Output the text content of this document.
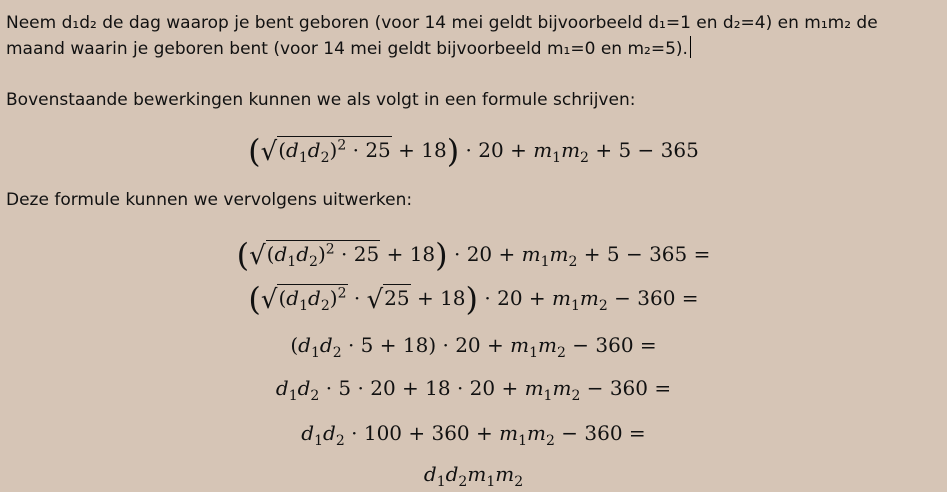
Neem d₁d₂ de dag waarop je bent geboren (voor 14 mei geldt bijvoorbeeld d₁=1 en d₂=4) en m₁m₂ de maand waarin je geboren bent (voor 14 mei geldt bijvoorbeeld m₁=0 en m₂=5).
Bovenstaande bewerkingen kunnen we als volgt in een formule schrijven:
$(√(d_1d_2)^2 \cdot 25 + 18) \cdot 20 + m_1m_2 + 5 - 365$
Deze formule kunnen we vervolgens uitwerken:
$(√(d_1d_2)^2 \cdot 25 + 18) \cdot 20 + m_1m_2 + 5 - 365$ =
$(√(d_1d_2)^2 \cdot √25 + 18) \cdot 20 + m_1m_2 - 360$ =
$(d_1d_2 \cdot 5 + 18) \cdot 20 + m_1m_2 - 360$ =
$d_1d_2 \cdot 5 \cdot 20 + 18 \cdot 20 + m_1m_2 - 360$ =
$d_1d_2 \cdot 100 + 360 + m_1m_2 - 360$ =
$d_1d_2m_1m_2$
